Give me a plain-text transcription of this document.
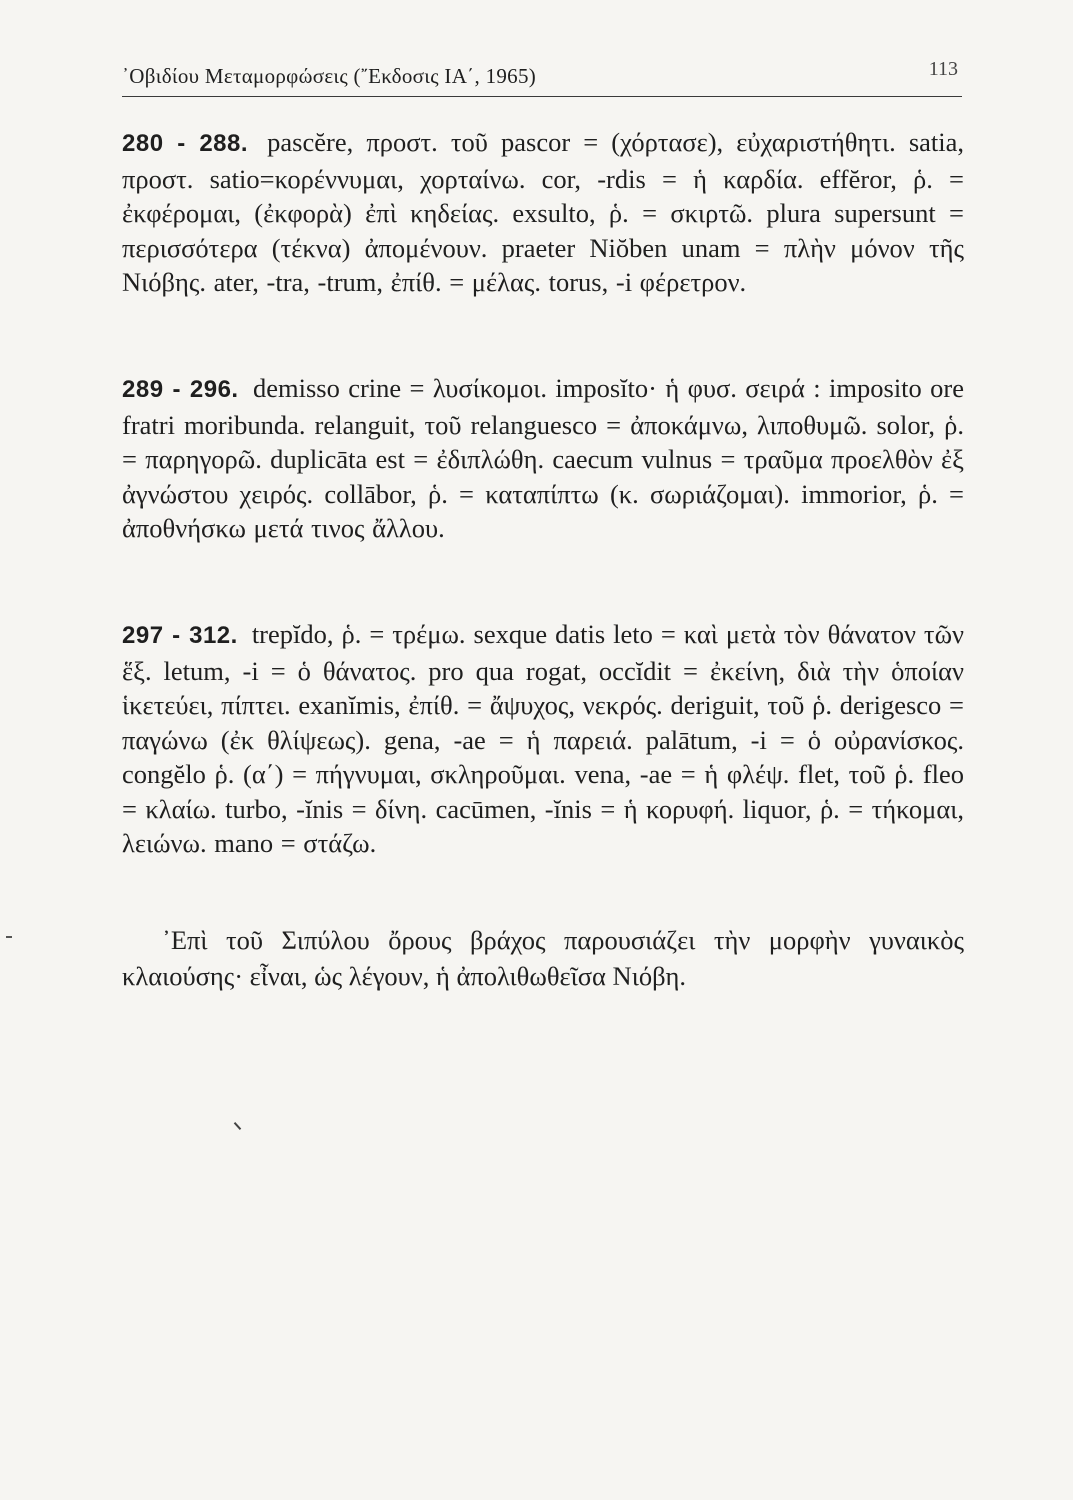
᾿Οβιδίου Μεταμορφώσεις (῎Εκδοσις ΙΑ΄, 1965)	113

280 - 288. pascĕre, προστ. τοῦ pascor = (χόρτασε), εὐχαριστήθητι. satia, προστ. satio=κορέννυμαι, χορταίνω. cor, -rdis = ἡ καρδία. effĕror, ῥ. = ἐκφέρομαι, (ἐκφορὰ) ἐπὶ κηδείας. exsulto, ῥ. = σκιρτῶ. plura supersunt = περισσότερα (τέκνα) ἀπομένουν. praeter Niŏben unam = πλὴν μόνον τῆς Νιόβης. ater, -tra, -trum, ἐπίθ. = μέλας. torus, -i φέρετρον.

289 - 296. demisso crine = λυσίκομοι. imposĭto· ἡ φυσ. σειρά : imposito ore fratri moribunda. relanguit, τοῦ relanguesco = ἀποκάμνω, λιποθυμῶ. solor, ῥ. = παρηγορῶ. duplicāta est = ἐδιπλώθη. caecum vulnus = τραῦμα προελθὸν ἐξ ἀγνώστου χειρός. collābor, ῥ. = καταπίπτω (κ. σωριάζομαι). immorior, ῥ. = ἀποθνήσκω μετά τινος ἄλλου.

297 - 312. trepĭdo, ῥ. = τρέμω. sexque datis leto = καὶ μετὰ τὸν θάνατον τῶν ἕξ. letum, -i = ὁ θάνατος. pro qua rogat, occĭdit = ἐκείνη, διὰ τὴν ὁποίαν ἱκετεύει, πίπτει. exanĭmis, ἐπίθ. = ἄψυχος, νεκρός. deriguit, τοῦ ῥ. derigesco = παγώνω (ἐκ θλίψεως). gena, -ae = ἡ παρειά. palātum, -i = ὁ οὐρανίσκος. congĕlo ῥ. (α΄) = πήγνυμαι, σκληροῦμαι. vena, -ae = ἡ φλέψ. flet, τοῦ ῥ. fleo = κλαίω. turbo, -ĭnis = δίνη. cacūmen, -ĭnis = ἡ κορυφή. liquor, ῥ. = τήκομαι, λειώνω. mano = στάζω.

᾿Επὶ τοῦ Σιπύλου ὄρους βράχος παρουσιάζει τὴν μορφὴν γυναικὸς κλαιούσης· εἶναι, ὡς λέγουν, ἡ ἀπολιθωθεῖσα Νιόβη.
